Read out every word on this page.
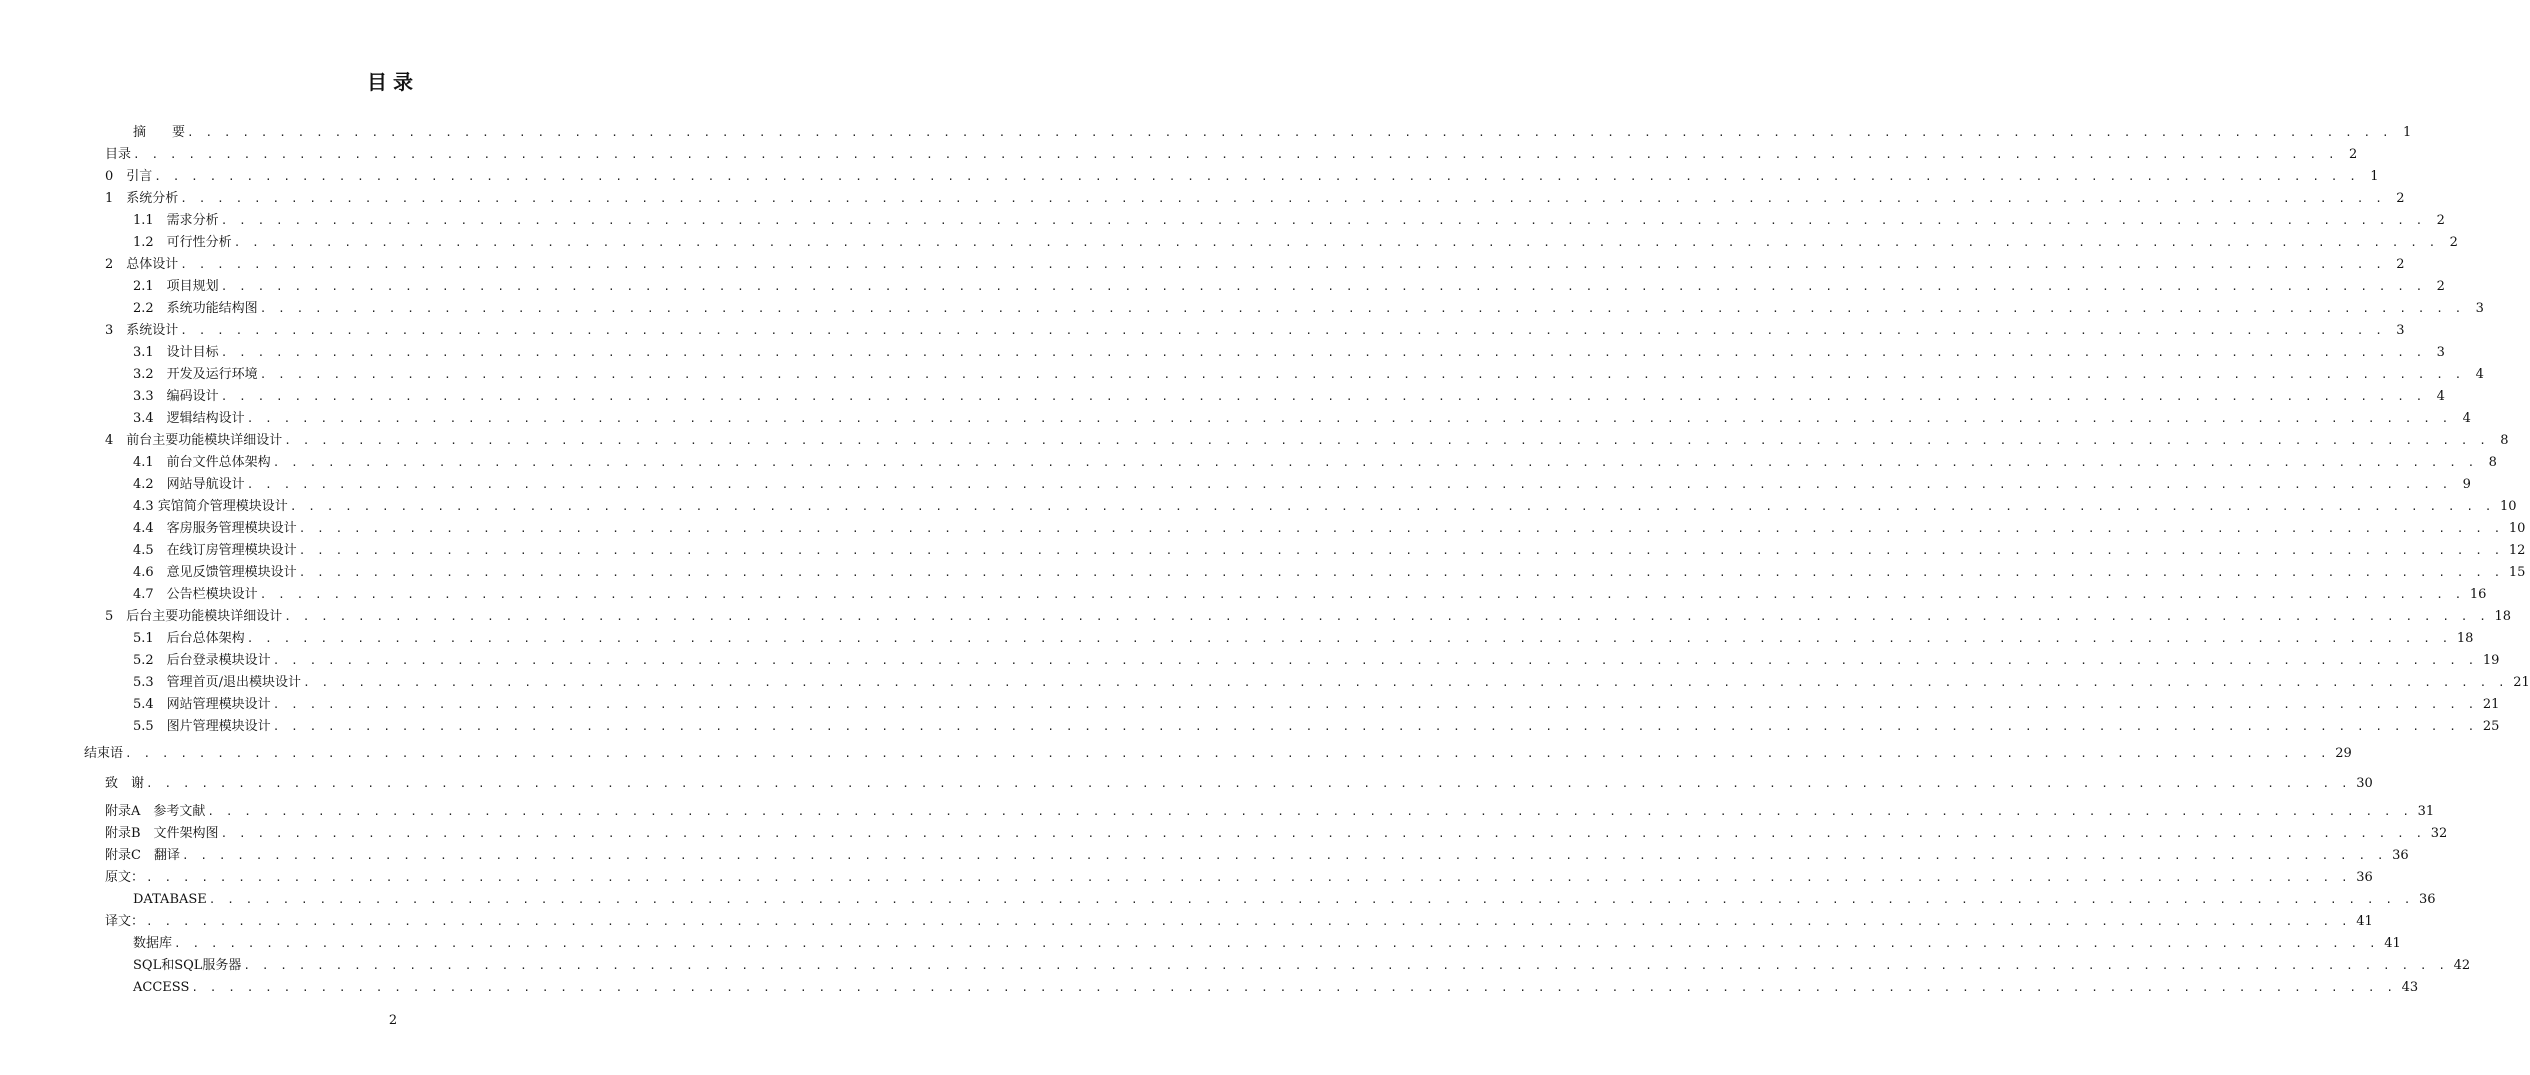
目录
摘　　要 . . . . . . . . . . . . . . . . . . . . . . . . . . . . . . . . . . . . . . . . . . . . . . . . . . . . . . . . . . . . . . . . . . . . . . . . . . . . . . . . . . . . . . . . . . . . . . . . . . . . . . . . . . . . . . . . . . . . . . . . 1
目录 . . . . . . . . . . . . . . . . . . . . . . . . . . . . . . . . . . . . . . . . . . . . . . . . . . . . . . . . . . . . . . . . . . . . . . . . . . . . . . . . . . . . . . . . . . . . . . . . . . . . . . . . . . . . . . . . . . . . . . . . 2
0　引言 . . . . . . . . . . . . . . . . . . . . . . . . . . . . . . . . . . . . . . . . . . . . . . . . . . . . . . . . . . . . . . . . . . . . . . . . . . . . . . . . . . . . . . . . . . . . . . . . . . . . . . . . . . . . . . . . . . . . . . . . 1
1　系统分析 . . . . . . . . . . . . . . . . . . . . . . . . . . . . . . . . . . . . . . . . . . . . . . . . . . . . . . . . . . . . . . . . . . . . . . . . . . . . . . . . . . . . . . . . . . . . . . . . . . . . . . . . . . . . . . . . . . . . . . . . 2
1.1　需求分析 . . . . . . . . . . . . . . . . . . . . . . . . . . . . . . . . . . . . . . . . . . . . . . . . . . . . . . . . . . . . . . . . . . . . . . . . . . . . . . . . . . . . . . . . . . . . . . . . . . . . . . . . . . . . . . . . . . . . . . . . 2
1.2　可行性分析 . . . . . . . . . . . . . . . . . . . . . . . . . . . . . . . . . . . . . . . . . . . . . . . . . . . . . . . . . . . . . . . . . . . . . . . . . . . . . . . . . . . . . . . . . . . . . . . . . . . . . . . . . . . . . . . . . . . . . . . . 2
2　总体设计 . . . . . . . . . . . . . . . . . . . . . . . . . . . . . . . . . . . . . . . . . . . . . . . . . . . . . . . . . . . . . . . . . . . . . . . . . . . . . . . . . . . . . . . . . . . . . . . . . . . . . . . . . . . . . . . . . . . . . . . . 2
2.1　项目规划 . . . . . . . . . . . . . . . . . . . . . . . . . . . . . . . . . . . . . . . . . . . . . . . . . . . . . . . . . . . . . . . . . . . . . . . . . . . . . . . . . . . . . . . . . . . . . . . . . . . . . . . . . . . . . . . . . . . . . . . . 2
2.2　系统功能结构图 . . . . . . . . . . . . . . . . . . . . . . . . . . . . . . . . . . . . . . . . . . . . . . . . . . . . . . . . . . . . . . . . . . . . . . . . . . . . . . . . . . . . . . . . . . . . . . . . . . . . . . . . . . . . . . . . . . . . . . . . 3
3　系统设计 . . . . . . . . . . . . . . . . . . . . . . . . . . . . . . . . . . . . . . . . . . . . . . . . . . . . . . . . . . . . . . . . . . . . . . . . . . . . . . . . . . . . . . . . . . . . . . . . . . . . . . . . . . . . . . . . . . . . . . . . 3
3.1　设计目标 . . . . . . . . . . . . . . . . . . . . . . . . . . . . . . . . . . . . . . . . . . . . . . . . . . . . . . . . . . . . . . . . . . . . . . . . . . . . . . . . . . . . . . . . . . . . . . . . . . . . . . . . . . . . . . . . . . . . . . . . 3
3.2　开发及运行环境 . . . . . . . . . . . . . . . . . . . . . . . . . . . . . . . . . . . . . . . . . . . . . . . . . . . . . . . . . . . . . . . . . . . . . . . . . . . . . . . . . . . . . . . . . . . . . . . . . . . . . . . . . . . . . . . . . . . . . . . . 4
3.3　编码设计 . . . . . . . . . . . . . . . . . . . . . . . . . . . . . . . . . . . . . . . . . . . . . . . . . . . . . . . . . . . . . . . . . . . . . . . . . . . . . . . . . . . . . . . . . . . . . . . . . . . . . . . . . . . . . . . . . . . . . . . . 4
3.4　逻辑结构设计 . . . . . . . . . . . . . . . . . . . . . . . . . . . . . . . . . . . . . . . . . . . . . . . . . . . . . . . . . . . . . . . . . . . . . . . . . . . . . . . . . . . . . . . . . . . . . . . . . . . . . . . . . . . . . . . . . . . . . . . . 4
4　前台主要功能模块详细设计 . . . . . . . . . . . . . . . . . . . . . . . . . . . . . . . . . . . . . . . . . . . . . . . . . . . . . . . . . . . . . . . . . . . . . . . . . . . . . . . . . . . . . . . . . . . . . . . . . . . . . . . . . . . . . . . . . . . . . . . . 8
4.1　前台文件总体架构 . . . . . . . . . . . . . . . . . . . . . . . . . . . . . . . . . . . . . . . . . . . . . . . . . . . . . . . . . . . . . . . . . . . . . . . . . . . . . . . . . . . . . . . . . . . . . . . . . . . . . . . . . . . . . . . . . . . . . . . . 8
4.2　网站导航设计 . . . . . . . . . . . . . . . . . . . . . . . . . . . . . . . . . . . . . . . . . . . . . . . . . . . . . . . . . . . . . . . . . . . . . . . . . . . . . . . . . . . . . . . . . . . . . . . . . . . . . . . . . . . . . . . . . . . . . . . . 9
4.3 宾馆简介管理模块设计 . . . . . . . . . . . . . . . . . . . . . . . . . . . . . . . . . . . . . . . . . . . . . . . . . . . . . . . . . . . . . . . . . . . . . . . . . . . . . . . . . . . . . . . . . . . . . . . . . . . . . . . . . . . . . . . . . . . . . . . . 10
4.4　客房服务管理模块设计 . . . . . . . . . . . . . . . . . . . . . . . . . . . . . . . . . . . . . . . . . . . . . . . . . . . . . . . . . . . . . . . . . . . . . . . . . . . . . . . . . . . . . . . . . . . . . . . . . . . . . . . . . . . . . . . . . . . . . . . . 10
4.5　在线订房管理模块设计 . . . . . . . . . . . . . . . . . . . . . . . . . . . . . . . . . . . . . . . . . . . . . . . . . . . . . . . . . . . . . . . . . . . . . . . . . . . . . . . . . . . . . . . . . . . . . . . . . . . . . . . . . . . . . . . . . . . . . . . . 12
4.6　意见反馈管理模块设计 . . . . . . . . . . . . . . . . . . . . . . . . . . . . . . . . . . . . . . . . . . . . . . . . . . . . . . . . . . . . . . . . . . . . . . . . . . . . . . . . . . . . . . . . . . . . . . . . . . . . . . . . . . . . . . . . . . . . . . . . 15
4.7　公告栏模块设计 . . . . . . . . . . . . . . . . . . . . . . . . . . . . . . . . . . . . . . . . . . . . . . . . . . . . . . . . . . . . . . . . . . . . . . . . . . . . . . . . . . . . . . . . . . . . . . . . . . . . . . . . . . . . . . . . . . . . . . . . 16
5　后台主要功能模块详细设计 . . . . . . . . . . . . . . . . . . . . . . . . . . . . . . . . . . . . . . . . . . . . . . . . . . . . . . . . . . . . . . . . . . . . . . . . . . . . . . . . . . . . . . . . . . . . . . . . . . . . . . . . . . . . . . . . . . . . . . . . 18
5.1　后台总体架构 . . . . . . . . . . . . . . . . . . . . . . . . . . . . . . . . . . . . . . . . . . . . . . . . . . . . . . . . . . . . . . . . . . . . . . . . . . . . . . . . . . . . . . . . . . . . . . . . . . . . . . . . . . . . . . . . . . . . . . . . 18
5.2　后台登录模块设计 . . . . . . . . . . . . . . . . . . . . . . . . . . . . . . . . . . . . . . . . . . . . . . . . . . . . . . . . . . . . . . . . . . . . . . . . . . . . . . . . . . . . . . . . . . . . . . . . . . . . . . . . . . . . . . . . . . . . . . . . 19
5.3　管理首页/退出模块设计 . . . . . . . . . . . . . . . . . . . . . . . . . . . . . . . . . . . . . . . . . . . . . . . . . . . . . . . . . . . . . . . . . . . . . . . . . . . . . . . . . . . . . . . . . . . . . . . . . . . . . . . . . . . . . . . . . . . . . . . . 21
5.4　网站管理模块设计 . . . . . . . . . . . . . . . . . . . . . . . . . . . . . . . . . . . . . . . . . . . . . . . . . . . . . . . . . . . . . . . . . . . . . . . . . . . . . . . . . . . . . . . . . . . . . . . . . . . . . . . . . . . . . . . . . . . . . . . . 21
5.5　图片管理模块设计 . . . . . . . . . . . . . . . . . . . . . . . . . . . . . . . . . . . . . . . . . . . . . . . . . . . . . . . . . . . . . . . . . . . . . . . . . . . . . . . . . . . . . . . . . . . . . . . . . . . . . . . . . . . . . . . . . . . . . . . . 25
结束语 . . . . . . . . . . . . . . . . . . . . . . . . . . . . . . . . . . . . . . . . . . . . . . . . . . . . . . . . . . . . . . . . . . . . . . . . . . . . . . . . . . . . . . . . . . . . . . . . . . . . . . . . . . . . . . . . . . . . . . . . 29
致　谢 . . . . . . . . . . . . . . . . . . . . . . . . . . . . . . . . . . . . . . . . . . . . . . . . . . . . . . . . . . . . . . . . . . . . . . . . . . . . . . . . . . . . . . . . . . . . . . . . . . . . . . . . . . . . . . . . . . . . . . . . 30
附录A　参考文献 . . . . . . . . . . . . . . . . . . . . . . . . . . . . . . . . . . . . . . . . . . . . . . . . . . . . . . . . . . . . . . . . . . . . . . . . . . . . . . . . . . . . . . . . . . . . . . . . . . . . . . . . . . . . . . . . . . . . . . . . 31
附录B　文件架构图 . . . . . . . . . . . . . . . . . . . . . . . . . . . . . . . . . . . . . . . . . . . . . . . . . . . . . . . . . . . . . . . . . . . . . . . . . . . . . . . . . . . . . . . . . . . . . . . . . . . . . . . . . . . . . . . . . . . . . . . . 32
附录C　翻译 . . . . . . . . . . . . . . . . . . . . . . . . . . . . . . . . . . . . . . . . . . . . . . . . . . . . . . . . . . . . . . . . . . . . . . . . . . . . . . . . . . . . . . . . . . . . . . . . . . . . . . . . . . . . . . . . . . . . . . . . 36
原文： . . . . . . . . . . . . . . . . . . . . . . . . . . . . . . . . . . . . . . . . . . . . . . . . . . . . . . . . . . . . . . . . . . . . . . . . . . . . . . . . . . . . . . . . . . . . . . . . . . . . . . . . . . . . . . . . . . . . . . . . 36
DATABASE . . . . . . . . . . . . . . . . . . . . . . . . . . . . . . . . . . . . . . . . . . . . . . . . . . . . . . . . . . . . . . . . . . . . . . . . . . . . . . . . . . . . . . . . . . . . . . . . . . . . . . . . . . . . . . . . . . . . . . . . 36
译文： . . . . . . . . . . . . . . . . . . . . . . . . . . . . . . . . . . . . . . . . . . . . . . . . . . . . . . . . . . . . . . . . . . . . . . . . . . . . . . . . . . . . . . . . . . . . . . . . . . . . . . . . . . . . . . . . . . . . . . . . 41
数据库 . . . . . . . . . . . . . . . . . . . . . . . . . . . . . . . . . . . . . . . . . . . . . . . . . . . . . . . . . . . . . . . . . . . . . . . . . . . . . . . . . . . . . . . . . . . . . . . . . . . . . . . . . . . . . . . . . . . . . . . . 41
SQL和SQL服务器 . . . . . . . . . . . . . . . . . . . . . . . . . . . . . . . . . . . . . . . . . . . . . . . . . . . . . . . . . . . . . . . . . . . . . . . . . . . . . . . . . . . . . . . . . . . . . . . . . . . . . . . . . . . . . . . . . . . . . . . . 42
ACCESS . . . . . . . . . . . . . . . . . . . . . . . . . . . . . . . . . . . . . . . . . . . . . . . . . . . . . . . . . . . . . . . . . . . . . . . . . . . . . . . . . . . . . . . . . . . . . . . . . . . . . . . . . . . . . . . . . . . . . . . . 43
2
